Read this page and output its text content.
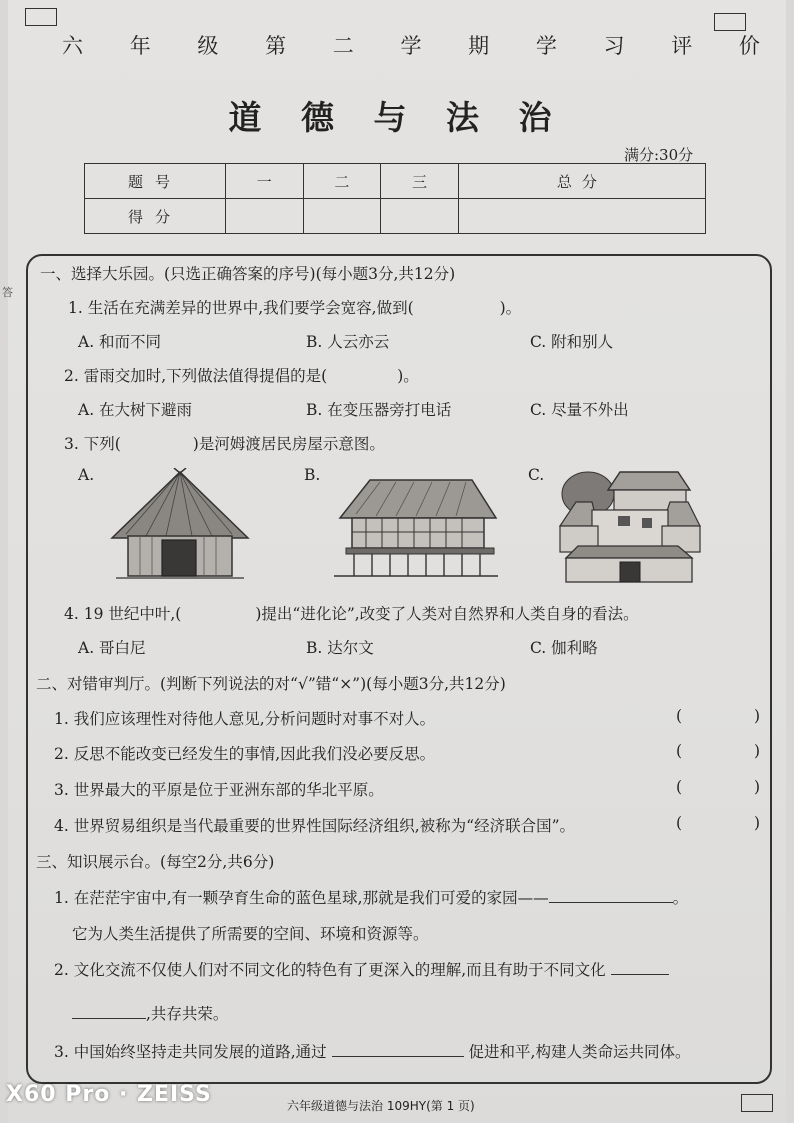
答
六 年 级 第 二 学 期 学 习 评 价
道 德 与 法 治
满分:30分
题号	一	二	三	总分
得分				
一、选择大乐园。(只选正确答案的序号)(每小题3分,共12分)
1. 生活在充满差异的世界中,我们要学会宽容,做到(	)。
A. 和而不同	B. 人云亦云	C. 附和别人
2. 雷雨交加时,下列做法值得提倡的是(	)。
A. 在大树下避雨	B. 在变压器旁打电话	C. 尽量不外出
3. 下列(	)是河姆渡居民房屋示意图。
A.	B.	C.
4. 19 世纪中叶,(	)提出“进化论”,改变了人类对自然界和人类自身的看法。
A. 哥白尼	B. 达尔文	C. 伽利略
二、对错审判厅。(判断下列说法的对“√”错“×”)(每小题3分,共12分)
1. 我们应该理性对待他人意见,分析问题时对事不对人。	(	)
2. 反思不能改变已经发生的事情,因此我们没必要反思。	(	)
3. 世界最大的平原是位于亚洲东部的华北平原。	(	)
4. 世界贸易组织是当代最重要的世界性国际经济组织,被称为“经济联合国”。	(	)
三、知识展示台。(每空2分,共6分)
1. 在茫茫宇宙中,有一颗孕育生命的蓝色星球,那就是我们可爱的家园——	。
它为人类生活提供了所需要的空间、环境和资源等。
2. 文化交流不仅使人们对不同文化的特色有了更深入的理解,而且有助于不同文化
,共存共荣。
3. 中国始终坚持走共同发展的道路,通过	促进和平,构建人类命运共同体。
六年级道德与法治 109HY(第 1 页)
X60 Pro · ZEISS
